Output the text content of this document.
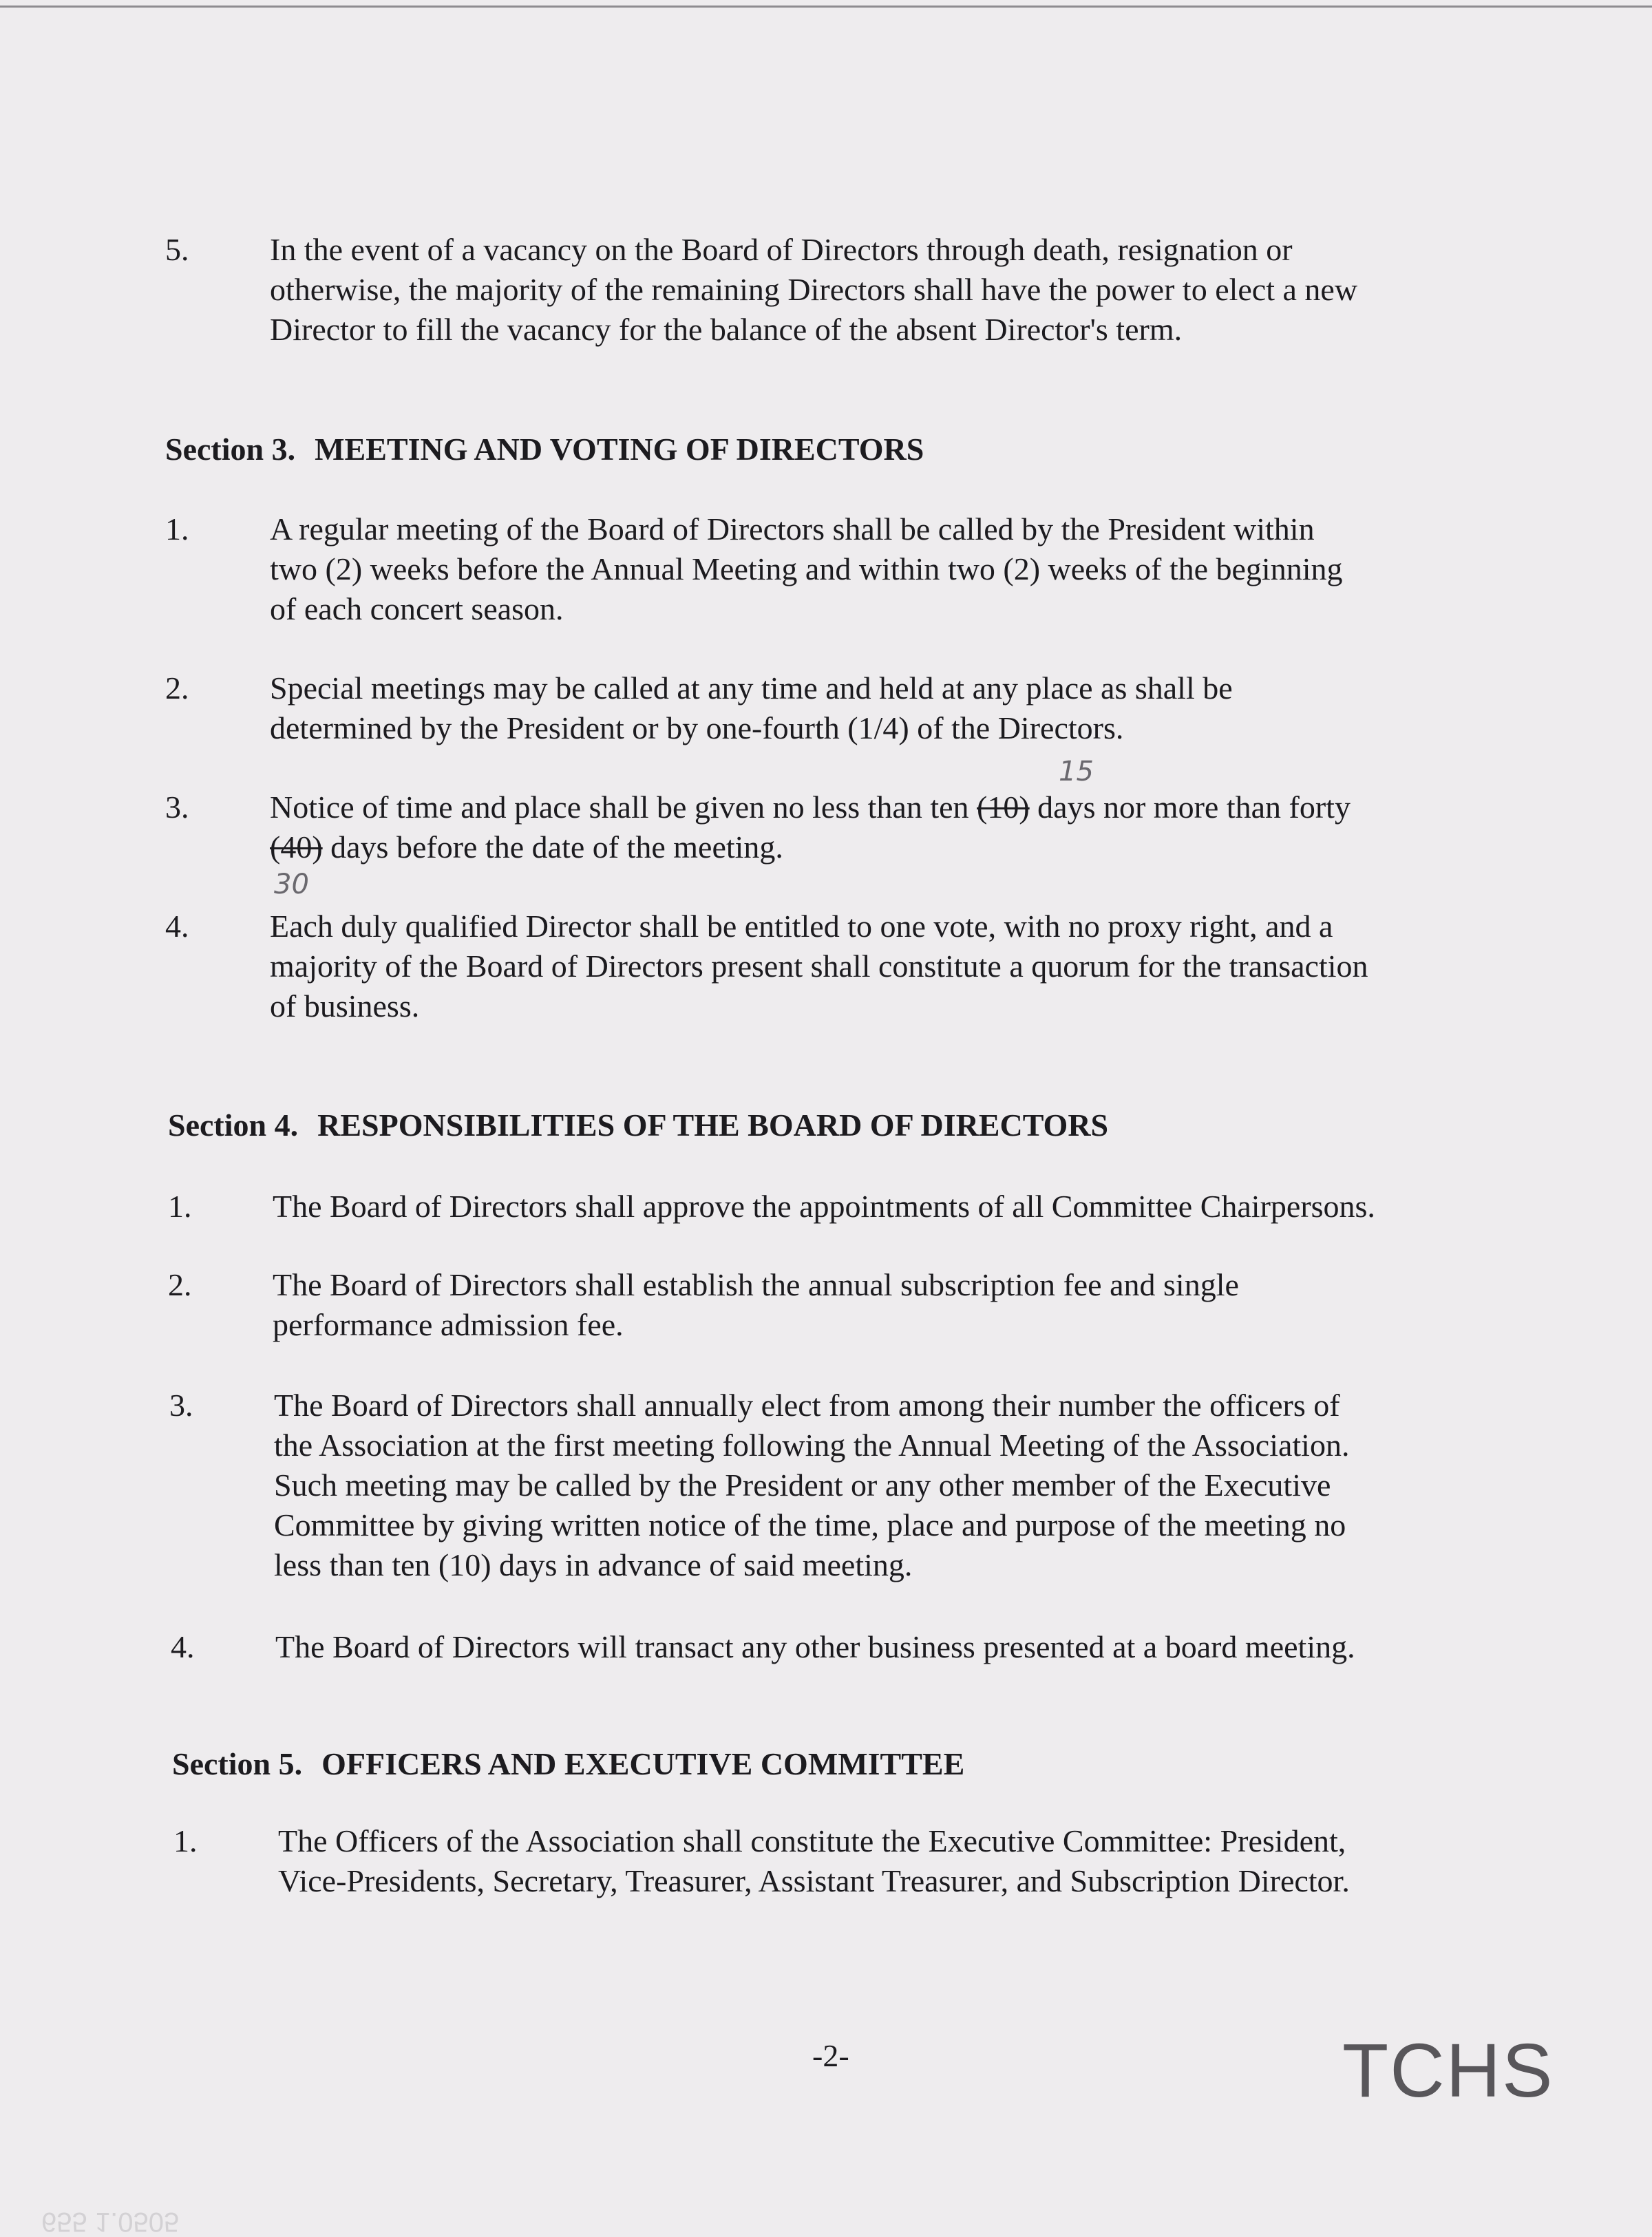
5.	In the event of a vacancy on the Board of Directors through death, resignation or
otherwise, the majority of the remaining Directors shall have the power to elect a new
Director to fill the vacancy for the balance of the absent Director's term.
Section 3. MEETING AND VOTING OF DIRECTORS
1.	A regular meeting of the Board of Directors shall be called by the President within
two (2) weeks before the Annual Meeting and within two (2) weeks of the beginning
of each concert season.
2.	Special meetings may be called at any time and held at any place as shall be
determined by the President or by one-fourth (1/4) of the Directors.
3.	Notice of time and place shall be given no less than ten (10) days nor more than forty
(40) days before the date of the meeting.
15
30
4.	Each duly qualified Director shall be entitled to one vote, with no proxy right, and a
majority of the Board of Directors present shall constitute a quorum for the transaction
of business.
Section 4. RESPONSIBILITIES OF THE BOARD OF DIRECTORS
1.	The Board of Directors shall approve the appointments of all Committee Chairpersons.
2.	The Board of Directors shall establish the annual subscription fee and single
performance admission fee.
3.	The Board of Directors shall annually elect from among their number the officers of
the Association at the first meeting following the Annual Meeting of the Association.
Such meeting may be called by the President or any other member of the Executive
Committee by giving written notice of the time, place and purpose of the meeting no
less than ten (10) days in advance of said meeting.
4.	The Board of Directors will transact any other business presented at a board meeting.
Section 5. OFFICERS AND EXECUTIVE COMMITTEE
1.	The Officers of the Association shall constitute the Executive Committee: President,
Vice-Presidents, Secretary, Treasurer, Assistant Treasurer, and Subscription Director.
-2-	TCHS
655 1.0505
